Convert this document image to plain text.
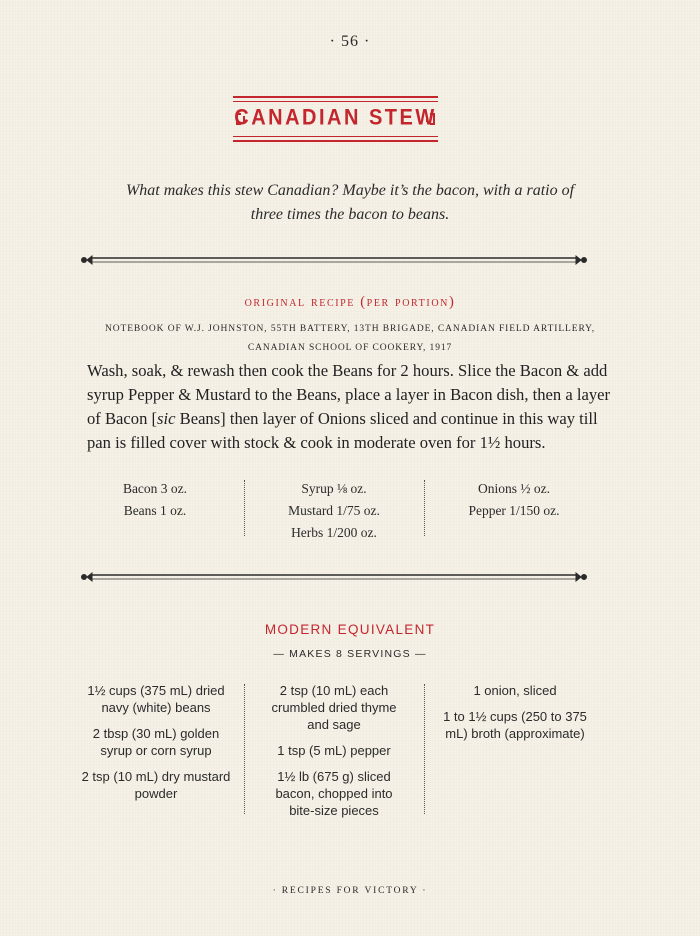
· 56 ·
CANADIAN STEW
What makes this stew Canadian? Maybe it’s the bacon, with a ratio of
three times the bacon to beans.
original recipe (per portion)
NOTEBOOK OF W.J. JOHNSTON, 55TH BATTERY, 13TH BRIGADE, CANADIAN FIELD ARTILLERY,
CANADIAN SCHOOL OF COOKERY, 1917
Wash, soak, & rewash then cook the Beans for 2 hours. Slice the Bacon & add syrup Pepper & Mustard to the Beans, place a layer in Bacon dish, then a layer of Bacon [sic Beans] then layer of Onions sliced and continue in this way till pan is filled cover with stock & cook in moderate oven for 1½ hours.
Bacon 3 oz.
Beans 1 oz.
Syrup ⅛ oz.
Mustard 1/75 oz.
Herbs 1/200 oz.
Onions ½ oz.
Pepper 1/150 oz.
MODERN EQUIVALENT
— MAKES 8 SERVINGS —
1½ cups (375 mL) dried navy (white) beans
2 tbsp (30 mL) golden syrup or corn syrup
2 tsp (10 mL) dry mustard powder
2 tsp (10 mL) each crumbled dried thyme and sage
1 tsp (5 mL) pepper
1½ lb (675 g) sliced bacon, chopped into bite-size pieces
1 onion, sliced
1 to 1½ cups (250 to 375 mL) broth (approximate)
· RECIPES FOR VICTORY ·
